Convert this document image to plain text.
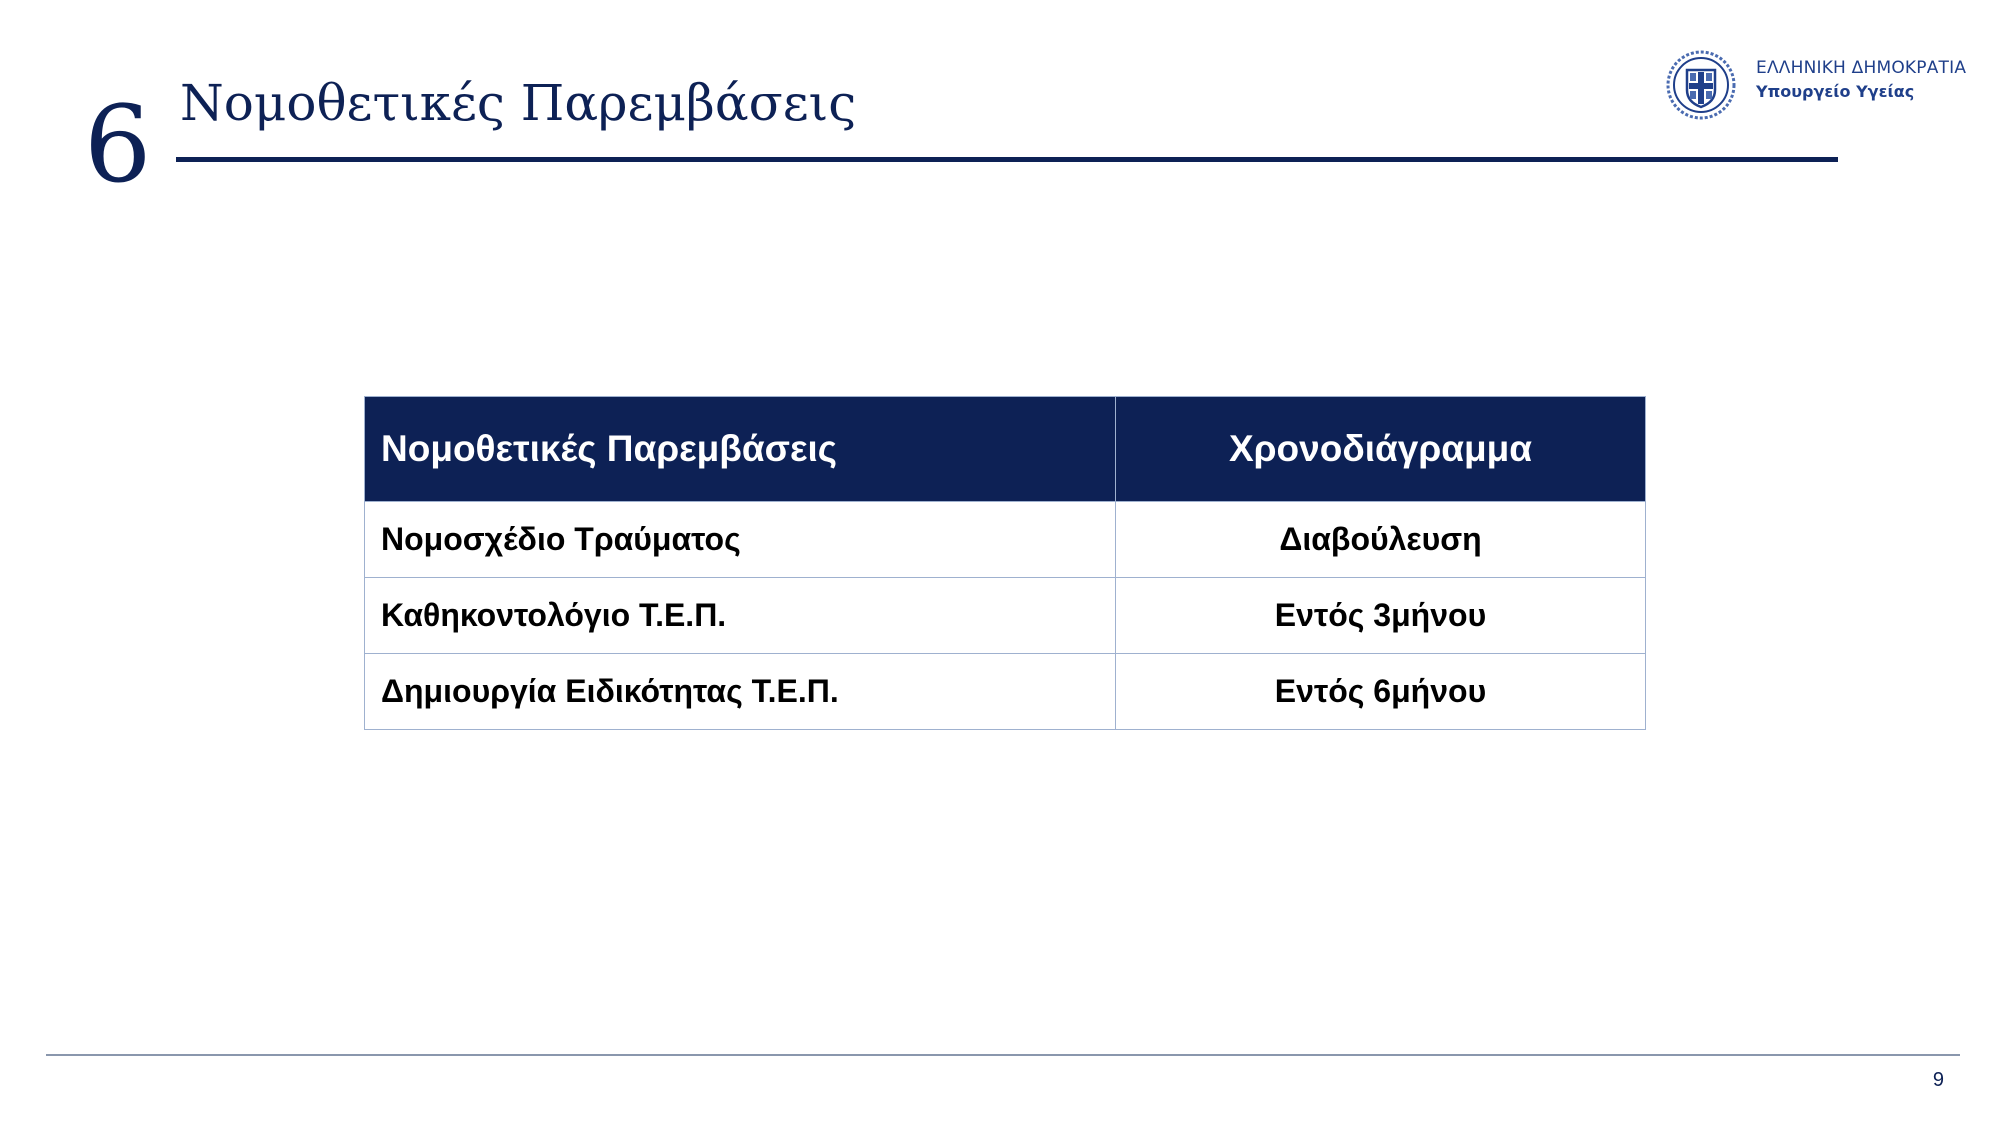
6 Νομοθετικές Παρεμβάσεις
ΕΛΛΗΝΙΚΗ ΔΗΜΟΚΡΑΤΙΑ
Υπουργείο Υγείας
Νομοθετικές Παρεμβάσεις	Χρονοδιάγραμμα
Νομοσχέδιο Τραύματος	Διαβούλευση
Καθηκοντολόγιο Τ.Ε.Π.	Εντός 3μήνου
Δημιουργία Ειδικότητας Τ.Ε.Π.	Εντός 6μήνου
9
